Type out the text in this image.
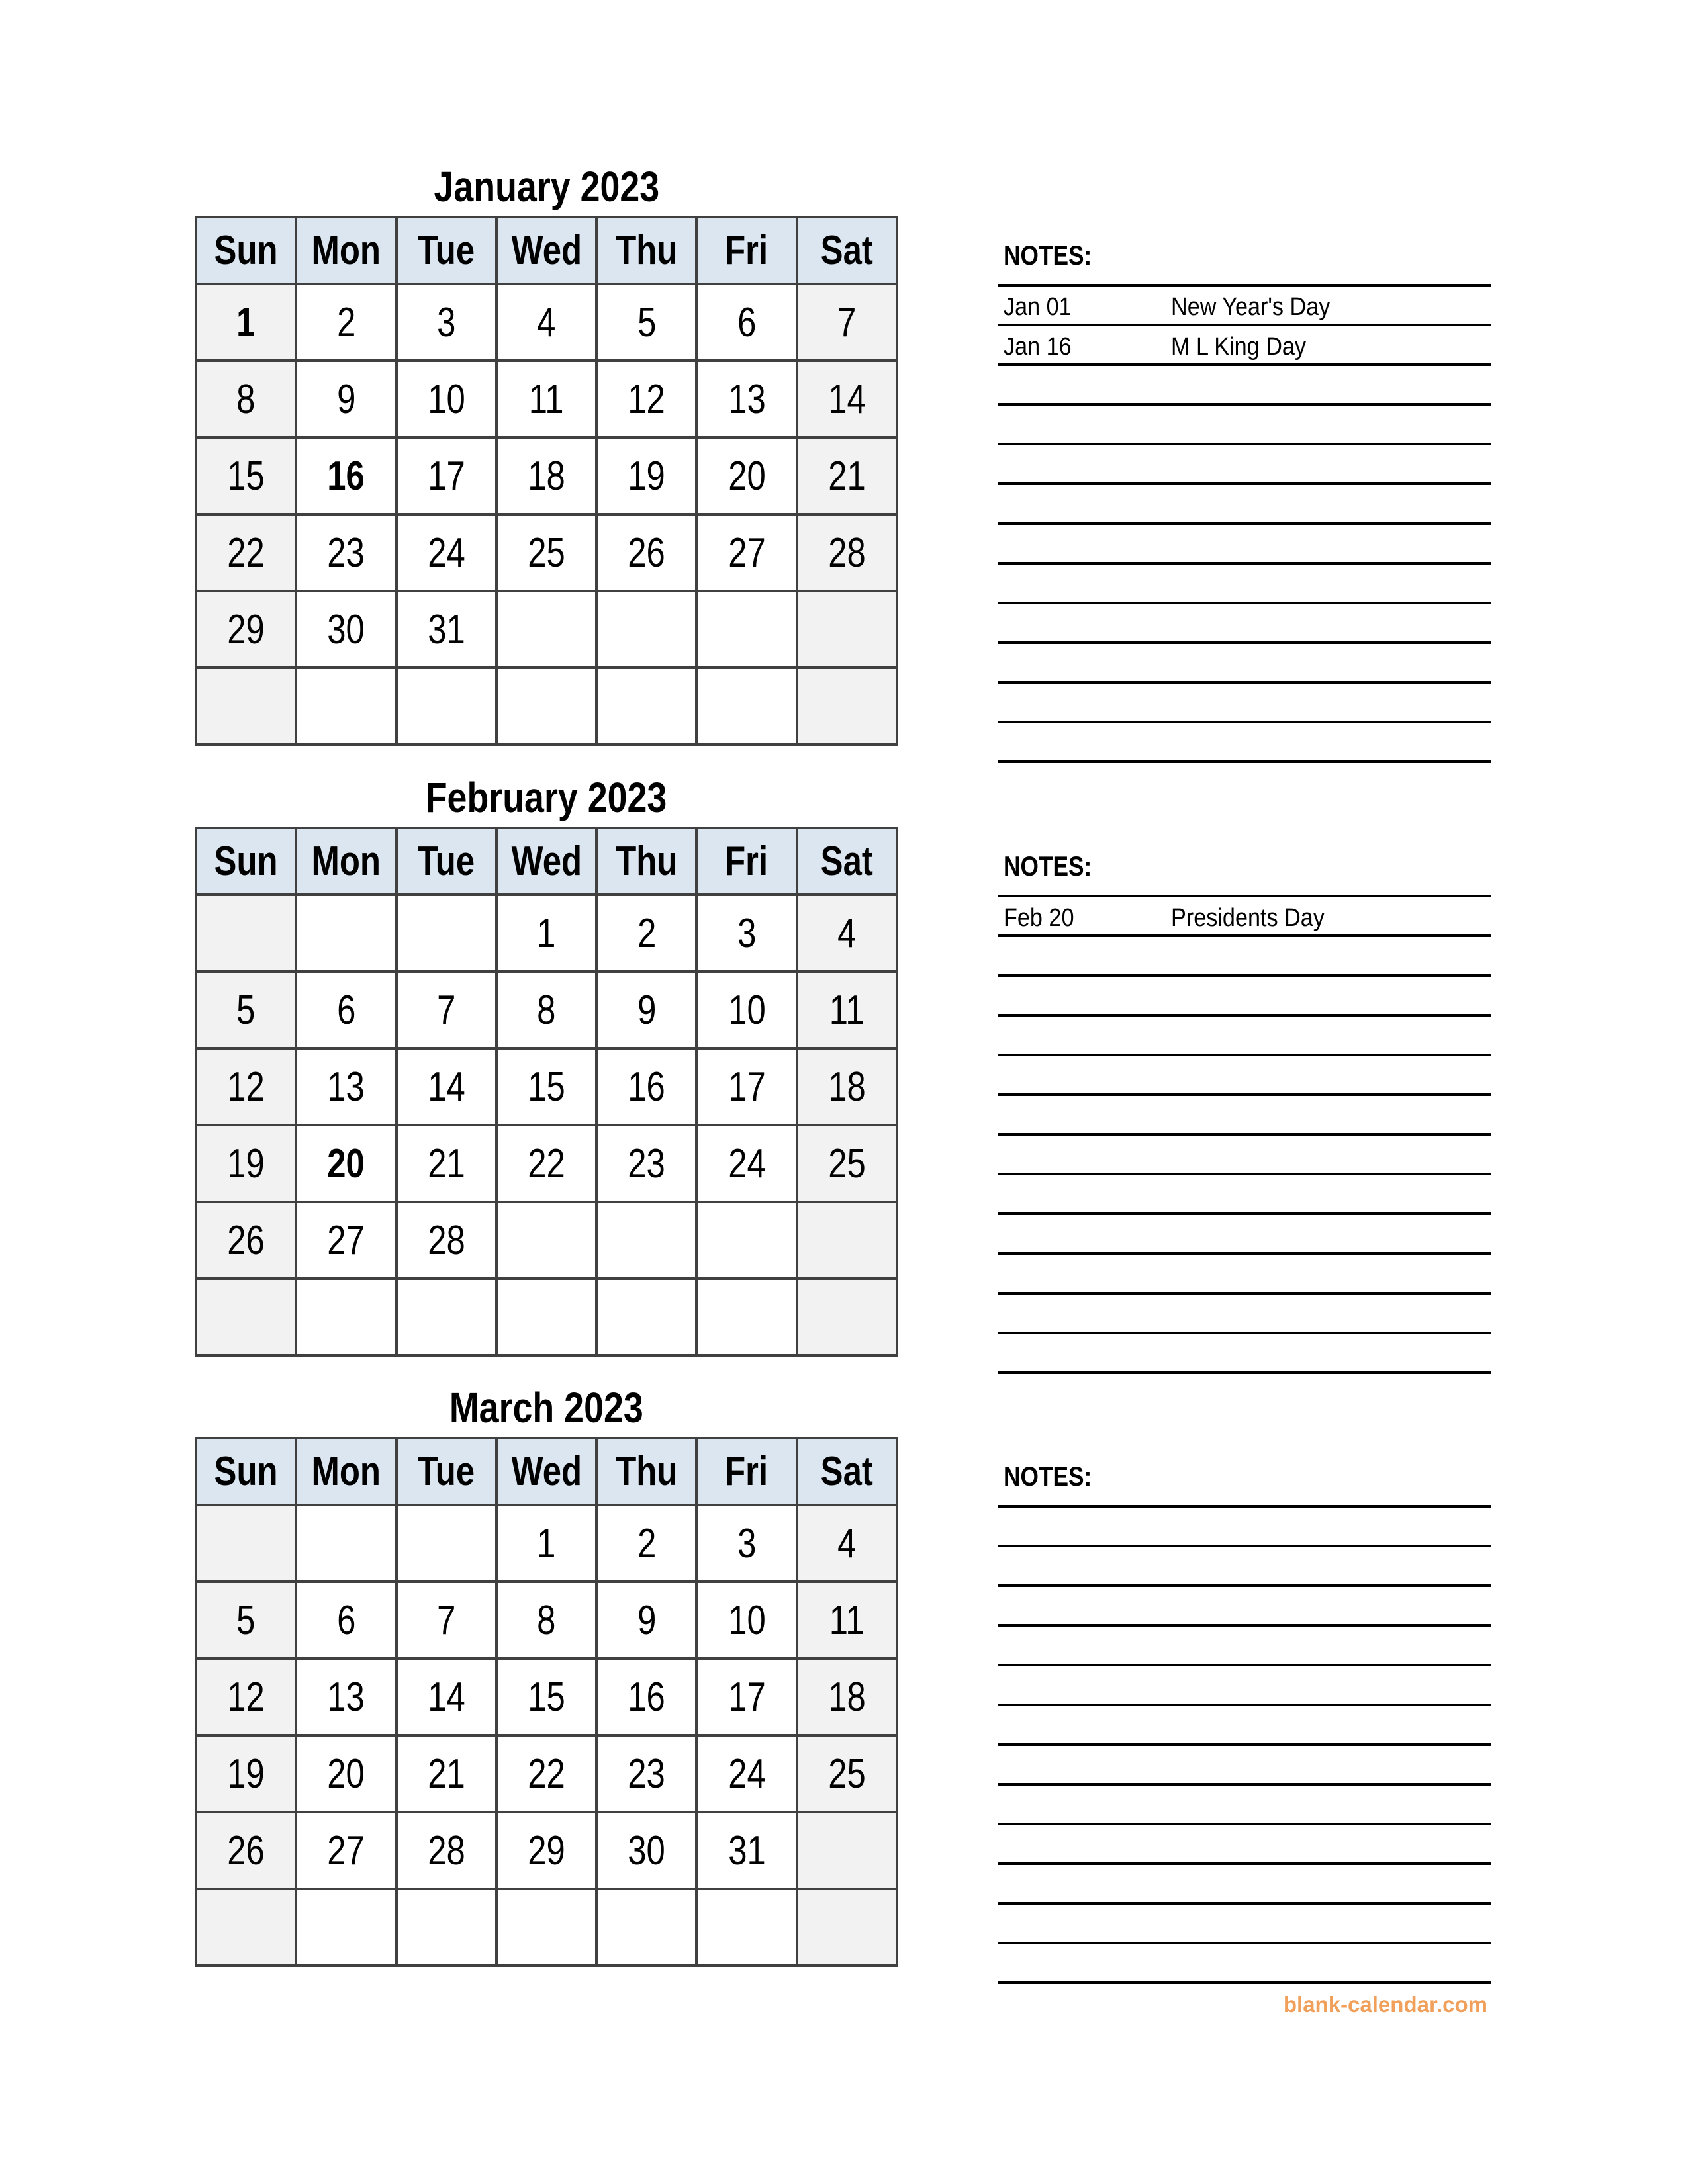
January 2023
Sun	Mon	Tue	Wed	Thu	Fri	Sat
1	2	3	4	5	6	7
8	9	10	11	12	13	14
15	16	17	18	19	20	21
22	23	24	25	26	27	28
29	30	31				

NOTES:
Jan 01	New Year's Day
Jan 16	M L King Day
February 2023
Sun	Mon	Tue	Wed	Thu	Fri	Sat
			1	2	3	4
5	6	7	8	9	10	11
12	13	14	15	16	17	18
19	20	21	22	23	24	25
26	27	28				

NOTES:
Feb 20	Presidents Day
March 2023
Sun	Mon	Tue	Wed	Thu	Fri	Sat
			1	2	3	4
5	6	7	8	9	10	11
12	13	14	15	16	17	18
19	20	21	22	23	24	25
26	27	28	29	30	31	

NOTES:
blank-calendar.com
